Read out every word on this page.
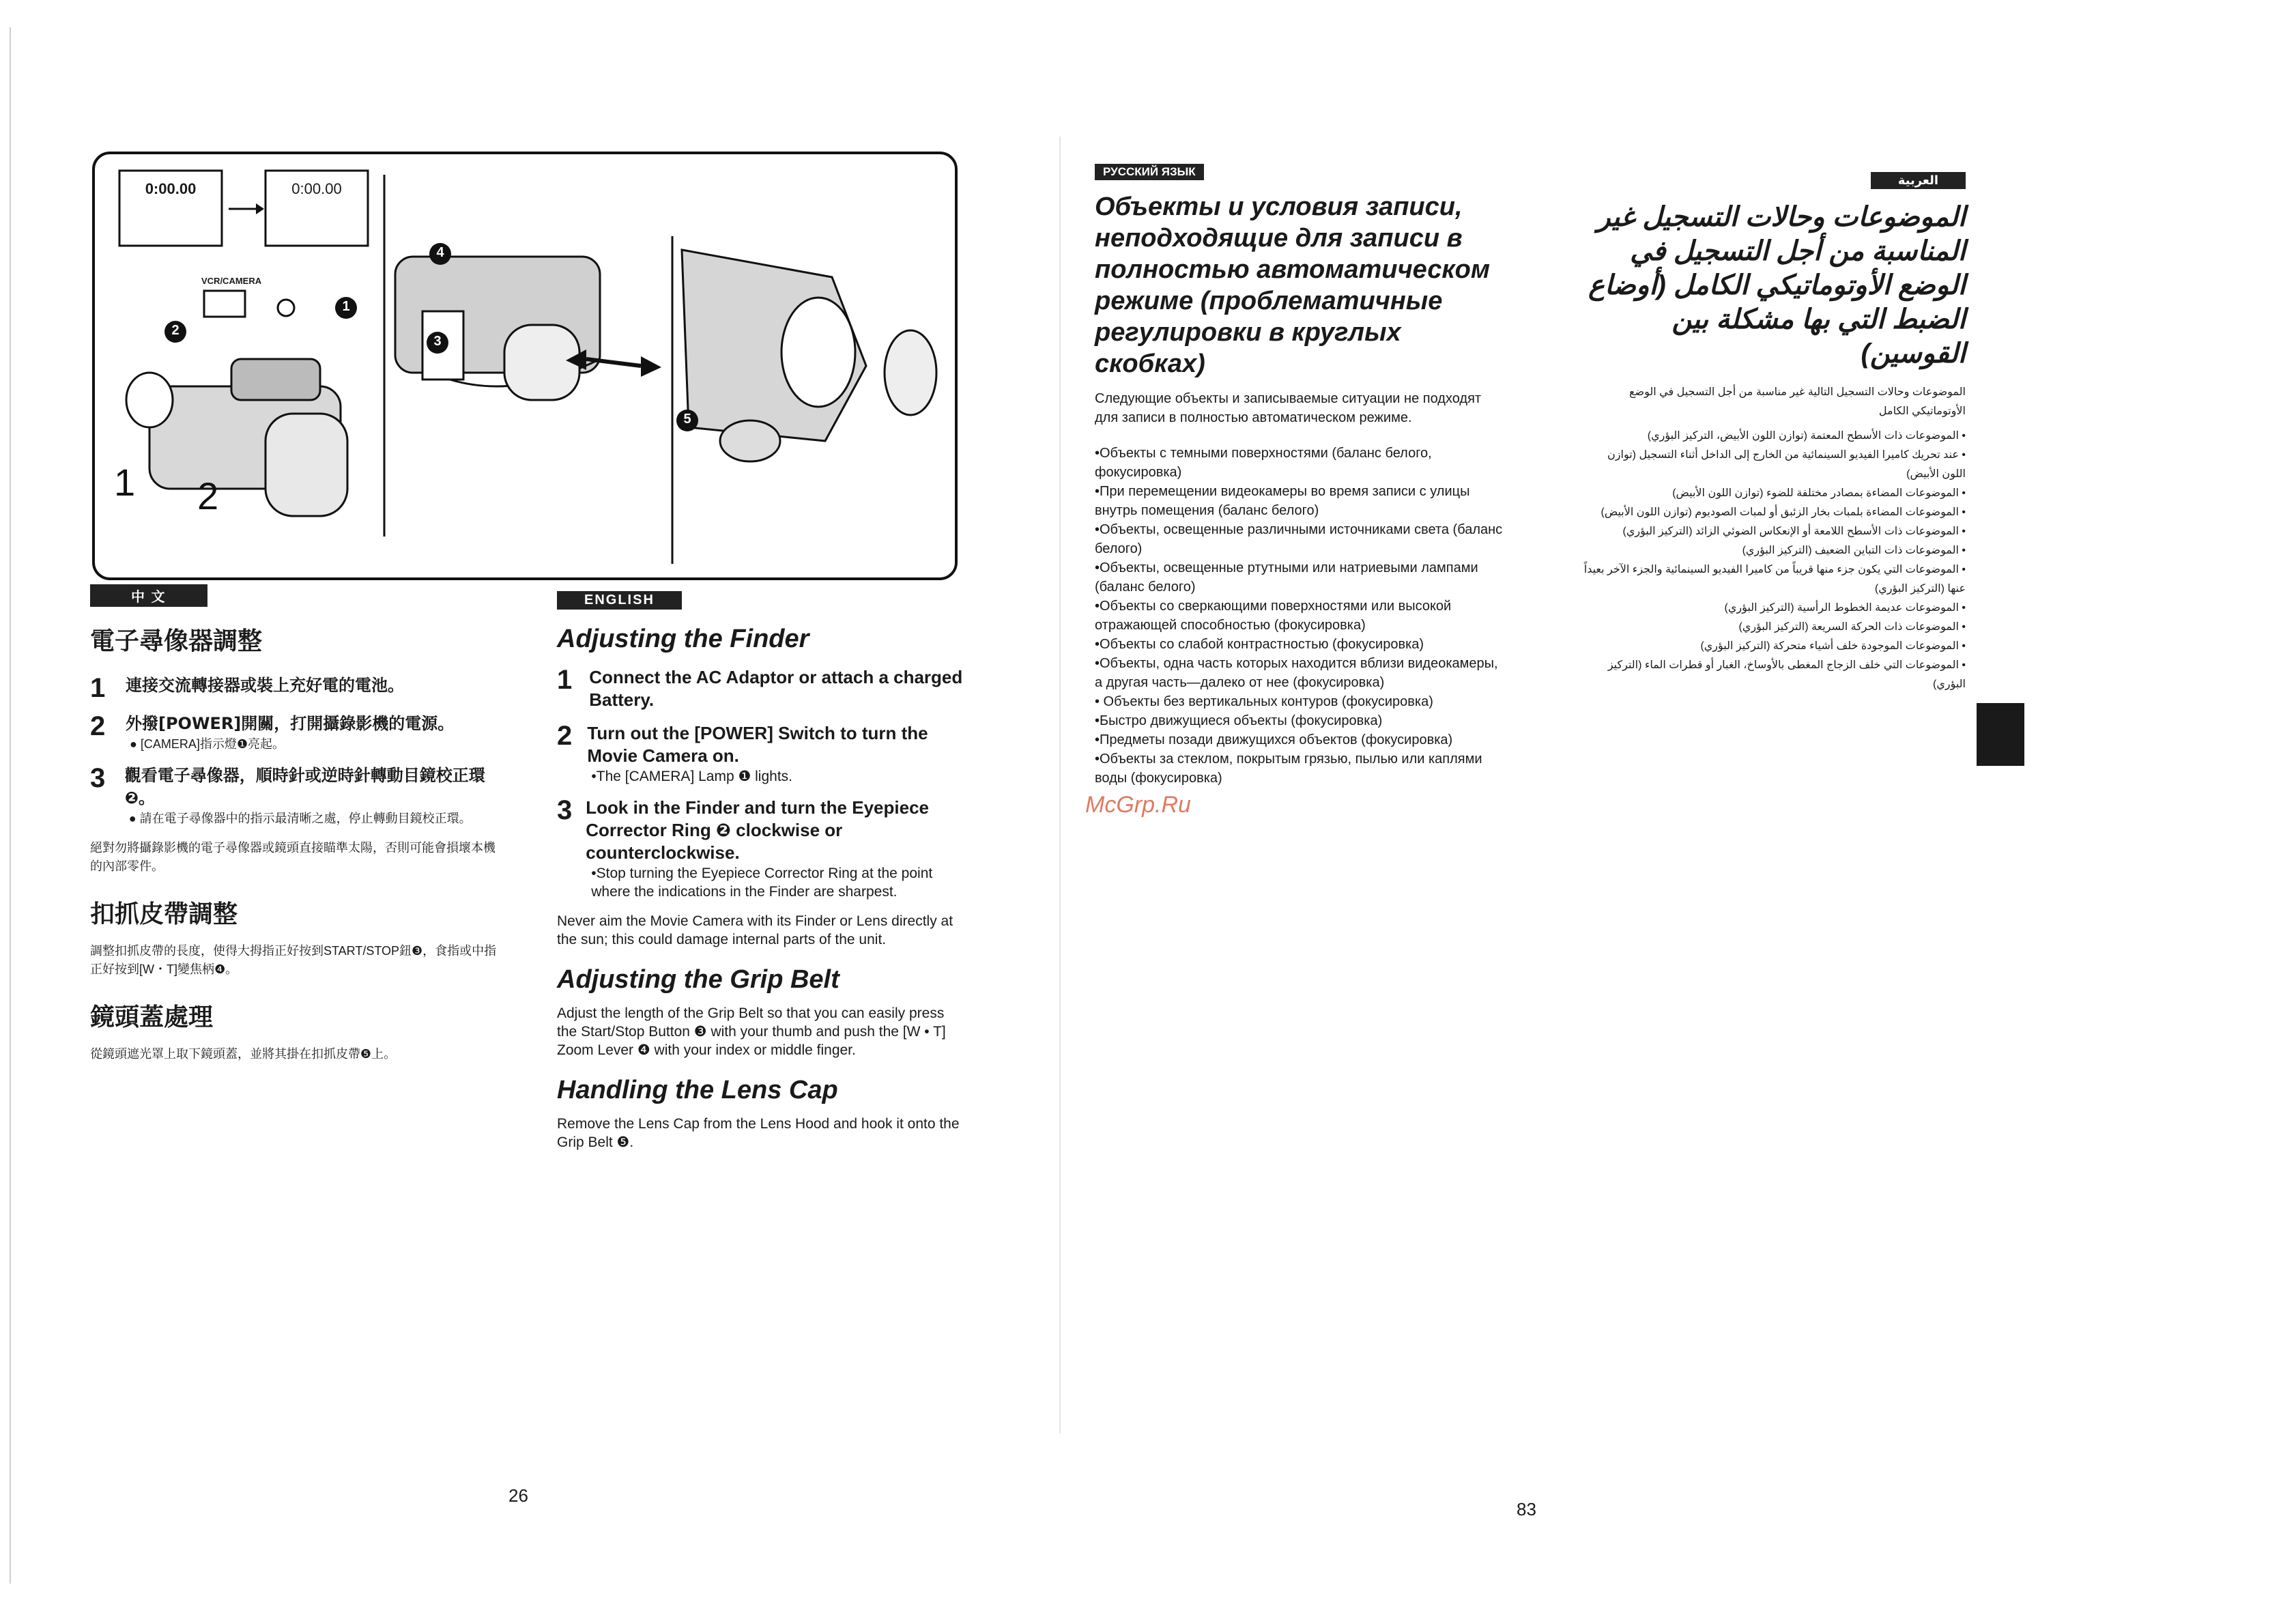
1 2
0:00.00	0:00.00
VCR/CAMERA
1
2
3
4
5
中 文
電子尋像器調整
1	連接交流轉接器或裝上充好電的電池。
2	外撥[POWER]開關，打開攝錄影機的電源。
● [CAMERA]指示燈❶亮起。
3	觀看電子尋像器，順時針或逆時針轉動目鏡校正環❷。
● 請在電子尋像器中的指示最清晰之處，停止轉動目鏡校正環。
絕對勿將攝錄影機的電子尋像器或鏡頭直接瞄準太陽，否則可能會損壞本機的內部零件。
扣抓皮帶調整
調整扣抓皮帶的長度，使得大拇指正好按到START/STOP鈕❸，食指或中指正好按到[W・T]變焦柄❹。
鏡頭蓋處理
從鏡頭遮光罩上取下鏡頭蓋，並將其掛在扣抓皮帶❺上。
ENGLISH
Adjusting the Finder
1 Connect the AC Adaptor or attach a charged Battery.
2 Turn out the [POWER] Switch to turn the Movie Camera on.
•The [CAMERA] Lamp ❶ lights.
3 Look in the Finder and turn the Eyepiece Corrector Ring ❷ clockwise or counterclockwise.
•Stop turning the Eyepiece Corrector Ring at the point where the indications in the Finder are sharpest.
Never aim the Movie Camera with its Finder or Lens directly at the sun; this could damage internal parts of the unit.
Adjusting the Grip Belt
Adjust the length of the Grip Belt so that you can easily press the Start/Stop Button ❸ with your thumb and push the [W • T] Zoom Lever ❹ with your index or middle finger.
Handling the Lens Cap
Remove the Lens Cap from the Lens Hood and hook it onto the Grip Belt ❺.
26
РУССКИЙ ЯЗЫК
Объекты и условия записи, неподходящие для записи в полностью автоматическом режиме (проблематичные регулировки в круглых скобках)
Следующие объекты и записываемые ситуации не подходят для записи в полностью автоматическом режиме.
•Объекты с темными поверхностями (баланс белого, фокусировка)
•При перемещении видеокамеры во время записи с улицы внутрь помещения (баланс белого)
•Объекты, освещенные различными источниками света (баланс белого)
•Объекты, освещенные ртутными или натриевыми лампами (баланс белого)
•Объекты со сверкающими поверхностями или высокой отражающей способностью (фокусировка)
•Объекты со слабой контрастностью (фокусировка)
•Объекты, одна часть которых находится вблизи видеокамеры, а другая часть—далеко от нее (фокусировка)
• Объекты без вертикальных контуров (фокусировка)
•Быстро движущиеся объекты (фокусировка)
•Предметы позади движущихся объектов (фокусировка)
•Объекты за стеклом, покрытым грязью, пылью или каплями воды (фокусировка)
McGrp.Ru
العربية
الموضوعات وحالات التسجيل غير المناسبة من أجل التسجيل في الوضع الأوتوماتيكي الكامل (أوضاع الضبط التي بها مشكلة بين القوسين)
الموضوعات وحالات التسجيل التالية غير مناسبة من أجل التسجيل في الوضع الأوتوماتيكي الكامل
• الموضوعات ذات الأسطح المعتمة (توازن اللون الأبيض، التركيز البؤري)
• عند تحريك كاميرا الفيديو السينمائية من الخارج إلى الداخل أثناء التسجيل (توازن اللون الأبيض)
• الموضوعات المضاءة بمصادر مختلفة للضوء (توازن اللون الأبيض)
• الموضوعات المضاءة بلمبات بخار الزئبق أو لمبات الصوديوم (توازن اللون الأبيض)
• الموضوعات ذات الأسطح اللامعة أو الإنعكاس الضوئي الزائد (التركيز البؤري)
• الموضوعات ذات التباين الضعيف (التركيز البؤري)
• الموضوعات التي يكون جزء منها قريباً من كاميرا الفيديو السينمائية والجزء الآخر بعيداً عنها (التركيز البؤري)
• الموضوعات عديمة الخطوط الرأسية (التركيز البؤري)
• الموضوعات ذات الحركة السريعة (التركيز البؤري)
• الموضوعات الموجودة خلف أشياء متحركة (التركيز البؤري)
• الموضوعات التي خلف الزجاج المغطى بالأوساخ، الغبار أو قطرات الماء (التركيز البؤري)
83
